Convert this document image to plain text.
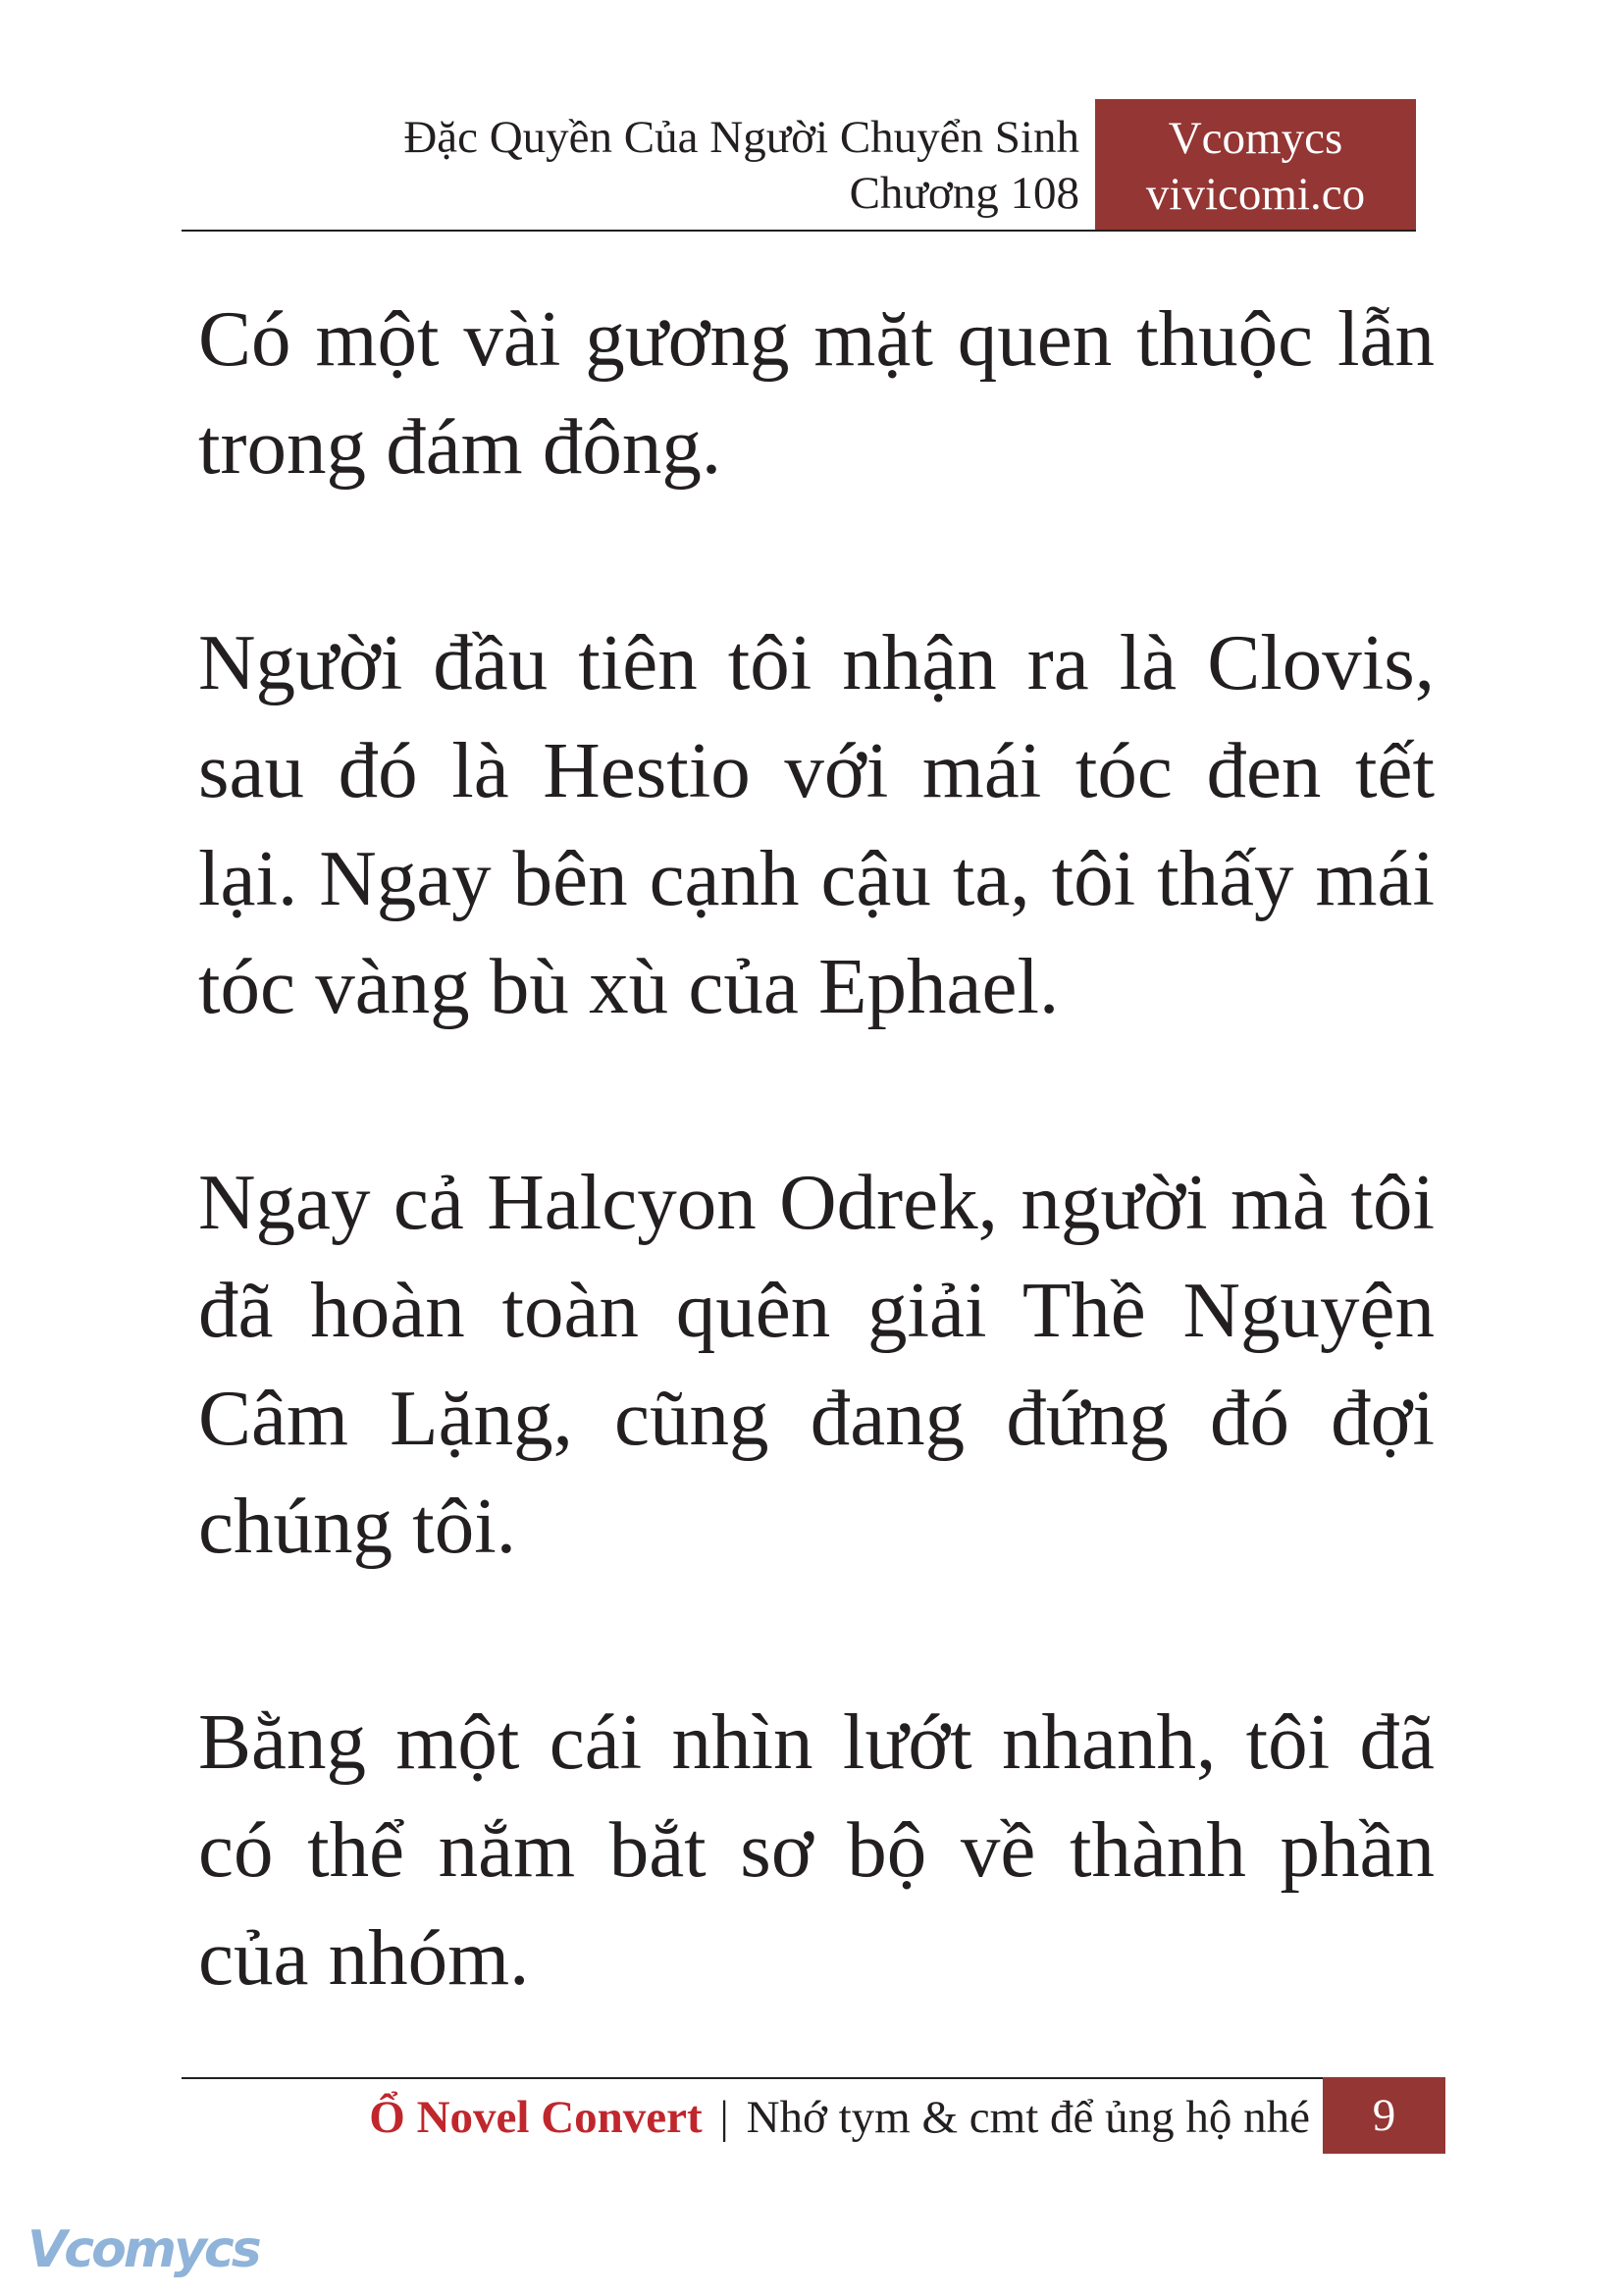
Đặc Quyền Của Người Chuyển Sinh
Chương 108
Vcomycs
vivicomi.co

Có một vài gương mặt quen thuộc lẫn trong đám đông.

Người đầu tiên tôi nhận ra là Clovis, sau đó là Hestio với mái tóc đen tết lại. Ngay bên cạnh cậu ta, tôi thấy mái tóc vàng bù xù của Ephael.

Ngay cả Halcyon Odrek, người mà tôi đã hoàn toàn quên giải Thề Nguyện Câm Lặng, cũng đang đứng đó đợi chúng tôi.

Bằng một cái nhìn lướt nhanh, tôi đã có thể nắm bắt sơ bộ về thành phần của nhóm.

Ổ Novel Convert | Nhớ tym & cmt để ủng hộ nhé	9
Vcomycs
